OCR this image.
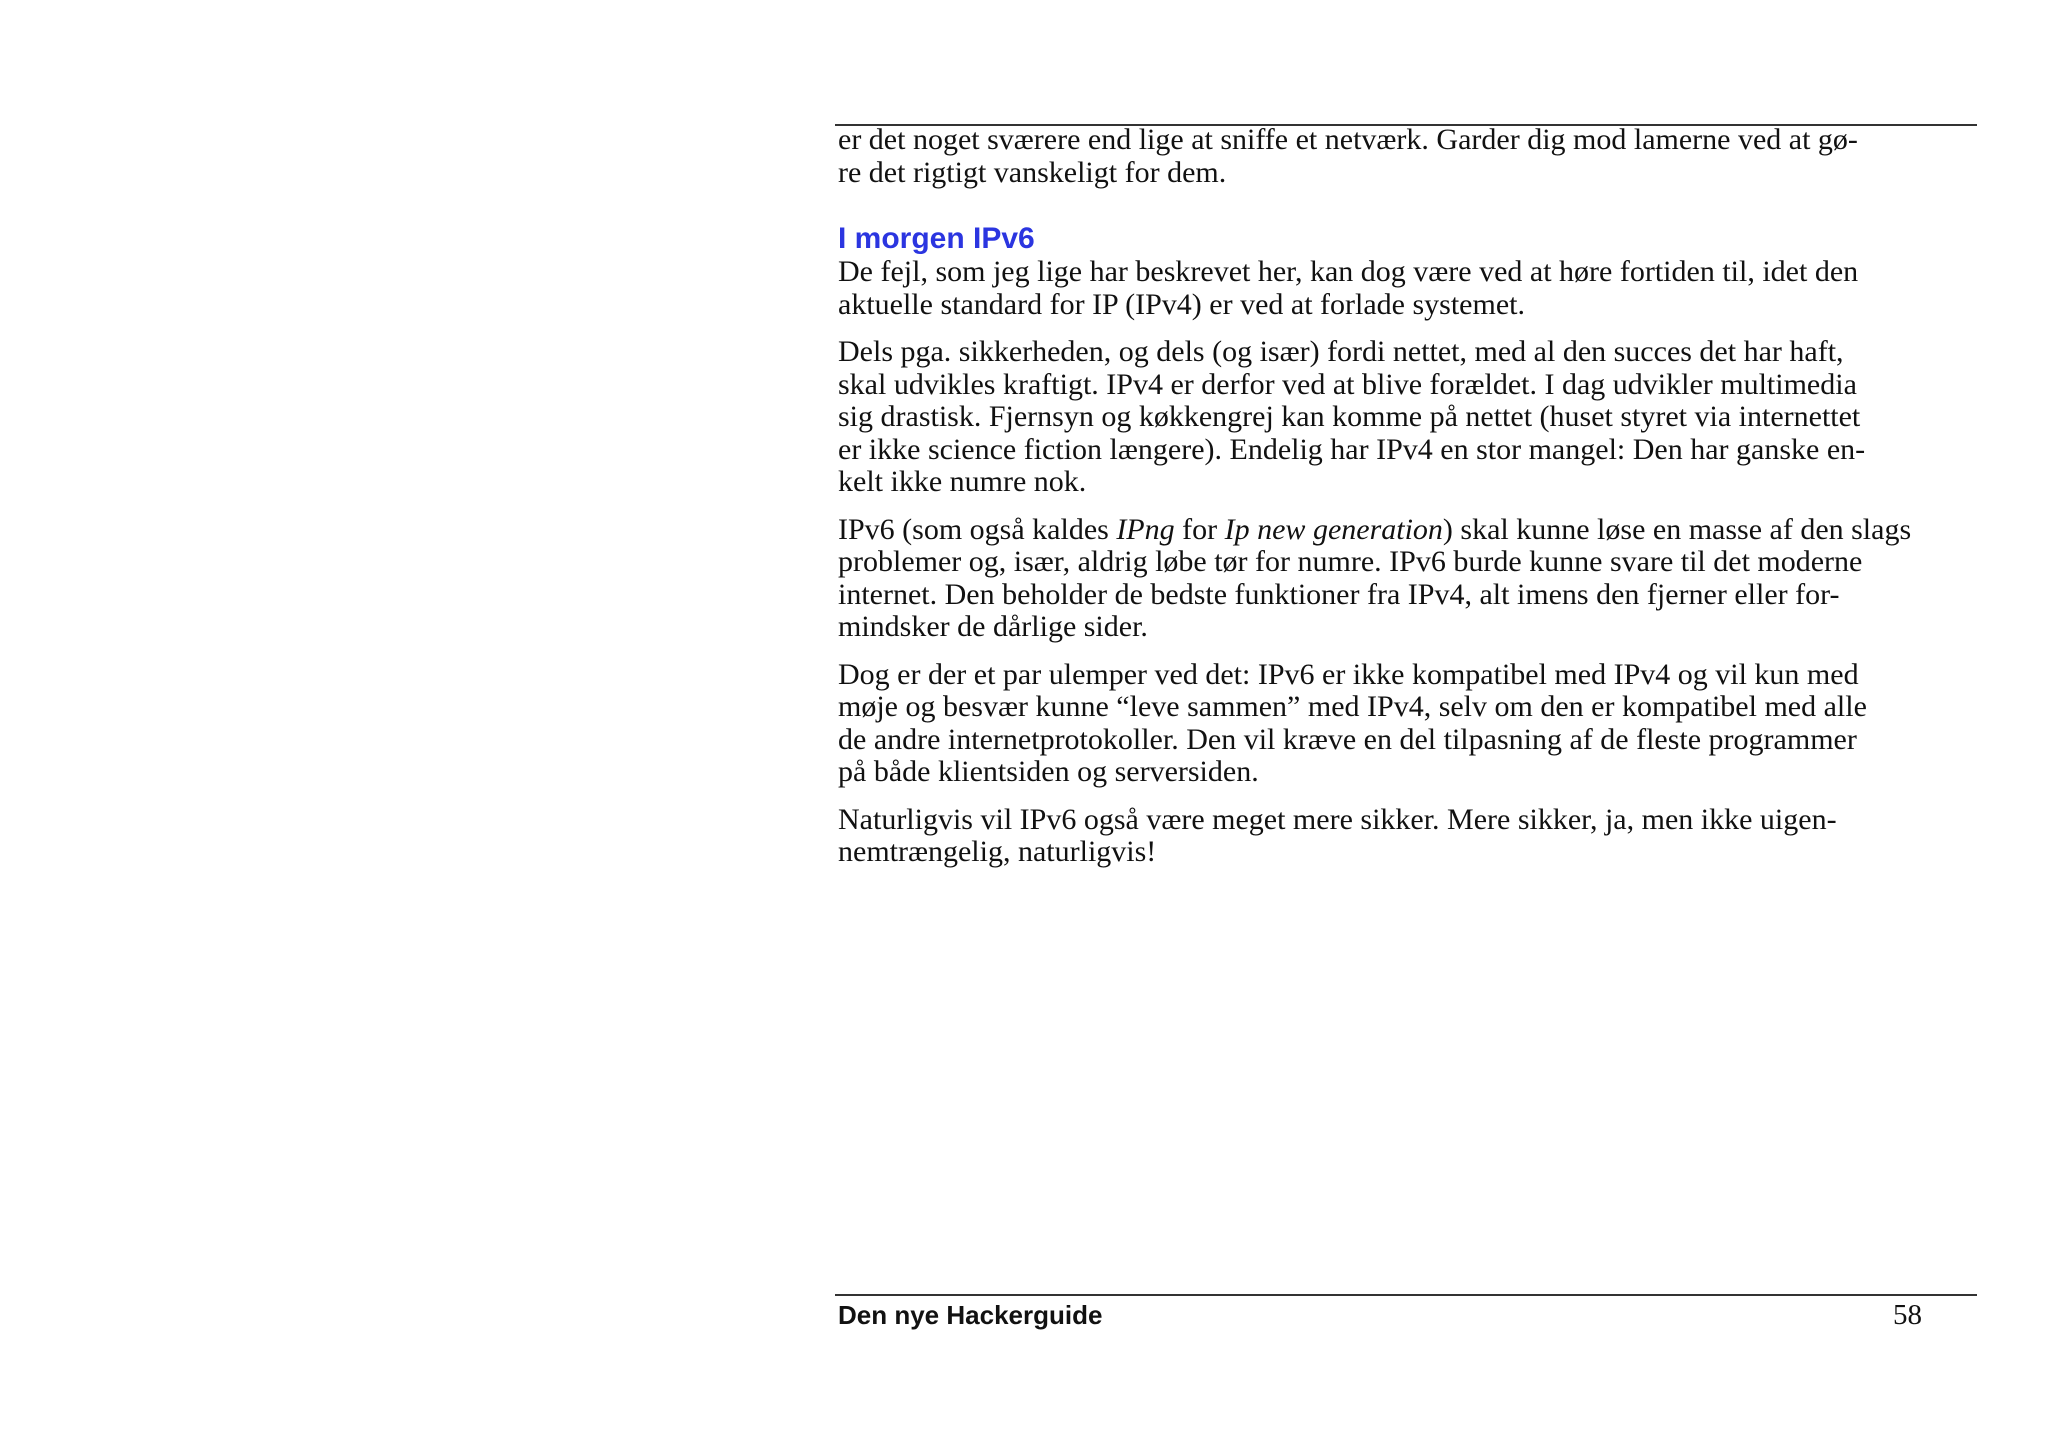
er det noget sværere end lige at sniffe et netværk. Garder dig mod lamerne ved at gø-
re det rigtigt vanskeligt for dem.

I morgen IPv6

De fejl, som jeg lige har beskrevet her, kan dog være ved at høre fortiden til, idet den
aktuelle standard for IP (IPv4) er ved at forlade systemet.

Dels pga. sikkerheden, og dels (og især) fordi nettet, med al den succes det har haft,
skal udvikles kraftigt. IPv4 er derfor ved at blive forældet. I dag udvikler multimedia
sig drastisk. Fjernsyn og køkkengrej kan komme på nettet (huset styret via internettet
er ikke science fiction længere). Endelig har IPv4 en stor mangel: Den har ganske en-
kelt ikke numre nok.

IPv6 (som også kaldes IPng for Ip new generation) skal kunne løse en masse af den slags
problemer og, især, aldrig løbe tør for numre. IPv6 burde kunne svare til det moderne
internet. Den beholder de bedste funktioner fra IPv4, alt imens den fjerner eller for-
mindsker de dårlige sider.

Dog er der et par ulemper ved det: IPv6 er ikke kompatibel med IPv4 og vil kun med
møje og besvær kunne “leve sammen” med IPv4, selv om den er kompatibel med alle
de andre internetprotokoller. Den vil kræve en del tilpasning af de fleste programmer
på både klientsiden og serversiden.

Naturligvis vil IPv6 også være meget mere sikker. Mere sikker, ja, men ikke uigen-
nemtrængelig, naturligvis!

Den nye Hackerguide	58
